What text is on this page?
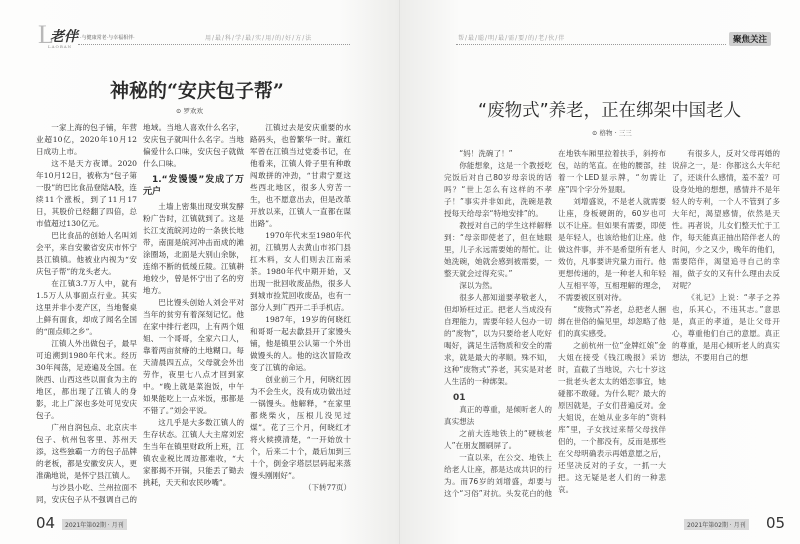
L
老伴
LAOBAN
·与健康常老·与幸福相伴·	用/最/科/学/最/实/用/的/好/方/法
神秘的“安庆包子帮”
⊙ 罗欢欢

一家上海的包子铺，年营业超10亿，2020年10月12日成功上市。

这不是天方夜谭。2020年10月12日，被称为“包子第一股”的巴比食品登陆A股，连续11个涨板，到了11月17日，其股价已经翻了四倍，总市值超过130亿元。

巴比食品的创始人名叫刘会平，来自安徽省安庆市怀宁县江镇镇。他被业内视为“安庆包子帮”的龙头老大。

在江镇3.7万人中，就有1.5万人从事面点行业。其实这里并非小麦产区，当地餐桌上鲜有面食，却成了闻名全国的“面点师之乡”。

江镇人外出做包子，最早可追溯到1980年代末。经历30年闯荡，足迹遍及全国。在陕西、山西这些以面食为主的地区，都出现了江镇人的身影，北上广深也多处可见安庆包子。

广州自润包点、北京庆丰包子、杭州包客里、苏州天添，这些独霸一方的包子品牌的老板，都是安徽安庆人，更准确地说，是怀宁县江镇人。

与沙县小吃、兰州拉面不同，安庆包子从不强调自己的地域。当地人喜欢什么名字，安庆包子就叫什么名字。当地偏爱什么口味，安庆包子就做什么口味。

1.“发馒馒”发成了万元户

土墙上密集出现安琪发酵粉广告时，江镇就到了。这是长江支流皖河边的一条狭长地带，南面是皖河冲击而成的滩涂圈场，北面是大别山余脉，连绵不断的低缓丘陵。江镇耕地较少，曾是怀宁出了名的穷地方。

巴比馒头创始人刘会平对当年的贫穷有着深刻记忆。他在家中排行老四，上有两个姐姐、一个哥哥，全家六口人，靠着两亩贫瘠的土地糊口。每天清晨四五点，父母就会外出劳作，夜里七八点才回到家中。“晚上就是菜泡饭，中午如果能吃上一点米饭，那都是不错了。”刘会平说。

这几乎是大多数江镇人的生存状态。江镇人大主席刘宏生当年在镇里财政所上班，江镇农业税比周边都难收，“大家都揭不开锅，只能丢了锄去挑耗，天天和农民吵嘴”。

江镇过去是安庆重要的水路码头，也曾繁华一时。董红军曾在江镇当过党委书记，在他看来，江镇人骨子里有种敢闯敢拼的冲劲，“甘肃宁夏这些西北地区，很多人穷苦一生，也不愿意出去，但是改革开放以来，江镇人一直都在谋出路”。

1970年代末至1980年代初，江镇男人去黄山市祁门县扛木料，女人们则去江南采茶。1980年代中期开始，又出现一批回收废品热，很多人到城市捡荒回收废品，也有一部分人到广西开二手手机店。

1987年，19岁的何晓红和哥哥一起去歙县开了家馒头铺，他是镇里公认第一个外出做馒头的人。他的这次冒险改变了江镇的命运。

创业前三个月，何晓红因为不会生火，没有成功做出过一锅馒头。他解释，“在家里都烧柴火，压根儿没见过煤”。花了三个月，何晓红才将火候摸清楚，“一开始放十个，后来二十个，最后加到三十个，倒金字塔层层码起来蒸馒头刚刚好”。

（下转77页）
04	2021年第02期 · 月刊
帮/最/聪/明/最/需/要/的/老/伙/伴	聚焦关注
“废物式”养老，正在绑架中国老人
⊙ 格物 · 三三

“妈！洗碗了！”

你能想象，这是一个教授吃完饭后对自己80岁母亲说的话吗？“世上怎么有这样的不孝子！”事实并非如此，洗碗是教授每天给母亲“特地安排”的。

教授对自己的学生这样解释到：“母亲即使老了，但在她眼里，儿子永远需要她的帮忙。让她洗碗，她就会感到被需要，一整天就会过得充实。”

深以为然。

很多人都知道要孝敬老人，但却矫枉过正。把老人当成没有自理能力，需要年轻人包办一切的“废物”，以为只要给老人吃好喝好，满足生活物质和安全的需求，就是最大的孝顺。殊不知，这种“废物式”养老，其实是对老人生活的一种绑架。

01

真正的尊重，是倾听老人的真实想法

之前大连地铁上的“硬核老人”在朋友圈刷屏了。

一直以来，在公交、地铁上给老人让座，都是达成共识的行为。而76岁的刘增盛，却要与这个“习俗”对抗。头发花白的他在地铁车厢里拉着扶手，斜挎布包，站的笔直。在他的腰部，挂着一个LED显示牌，“勿需让座”四个字分外显眼。

刘增盛说，不是老人就需要让座，身板硬朗的，60岁也可以不让座。但如果有需要，即使是年轻人，也该给他们让座。他做这件事，并不是希望所有老人效仿，凡事要讲究量力而行。他更想传递的，是一种老人和年轻人互相平等，互相理解的理念，不需要被区别对待。

“废物式”养老，总把老人捆绑在世俗的偏见里，却忽略了他们的真实感受。

之前杭州一位“金牌红娘”金大姐在接受《钱江晚报》采访时，直截了当地说，六七十岁这一批老头老太太的婚恋事宜，她碰都不敢碰。为什么呢？最大的原因就是，子女们普遍反对。金大姐说，在她从业多年的“资料库”里，子女找过来帮父母找伴侣的，一个都没有，反而是那些在父母明确表示再婚意愿之后，还坚决反对的子女，一抓一大把。这无疑是老人们的一种悲哀。

有很多人，反对父母再婚的说辞之一，是：你都这么大年纪了，还谈什么感情，羞不羞？可设身处地的想想，感情并不是年轻人的专利，一个人不管到了多大年纪，渴望感情，依然是天性。再者说，儿女们整天忙于工作，每天能真正抽出陪伴老人的时间，少之又少，晚年的他们，需要陪伴，渴望追寻自己的幸福，做子女的又有什么理由去反对呢？

《礼记》上说：“孝子之养也，乐其心，不违其志。”意思是，真正的孝道，是让父母开心，尊重他们自己的意愿。真正的尊重，是用心倾听老人的真实想法，不要用自己的想

2021年第02期 · 月刊 05
